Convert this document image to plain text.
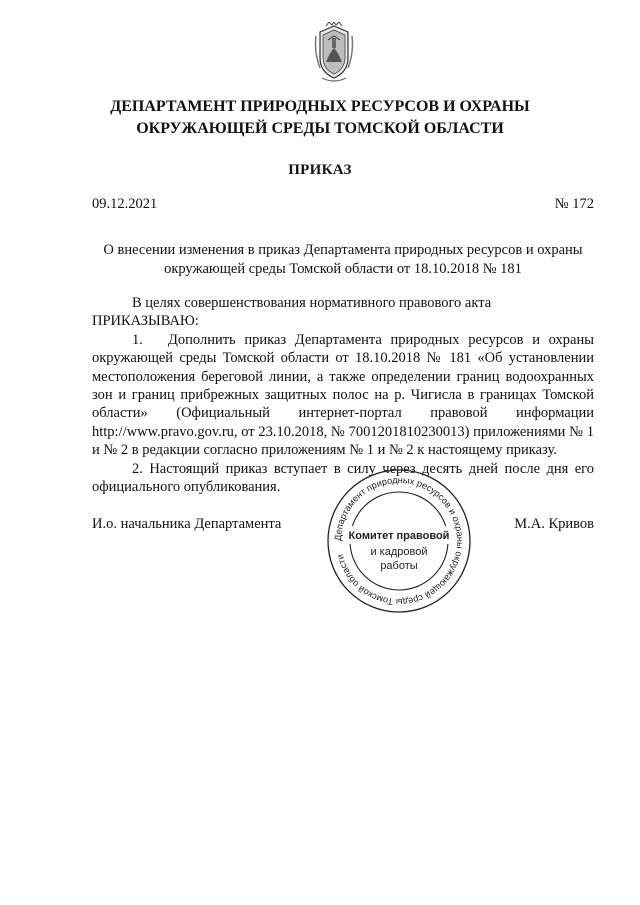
ДЕПАРТАМЕНТ ПРИРОДНЫХ РЕСУРСОВ И ОХРАНЫ
ОКРУЖАЮЩЕЙ СРЕДЫ ТОМСКОЙ ОБЛАСТИ
ПРИКАЗ
09.12.2021	№ 172
О внесении изменения в приказ Департамента природных ресурсов и охраны
окружающей среды Томской области от 18.10.2018 № 181

В целях совершенствования нормативного правового акта

ПРИКАЗЫВАЮ:

1. Дополнить приказ Департамента природных ресурсов и охраны окружающей среды Томской области от 18.10.2018 № 181 «Об установлении местоположения береговой линии, а также определении границ водоохранных зон и границ прибрежных защитных полос на р. Чигисла в границах Томской области» (Официальный интернет-портал правовой информации http://www.pravo.gov.ru, от 23.10.2018, № 7001201810230013) приложениями № 1 и № 2 в редакции согласно приложениям № 1 и № 2 к настоящему приказу.

2. Настоящий приказ вступает в силу через десять дней после дня его официального опубликования.

И.о. начальника Департамента	М.А. Кривов
Департамент природных ресурсов и охраны окружающей среды Томской области
Комитет правовой
и кадровой
работы
